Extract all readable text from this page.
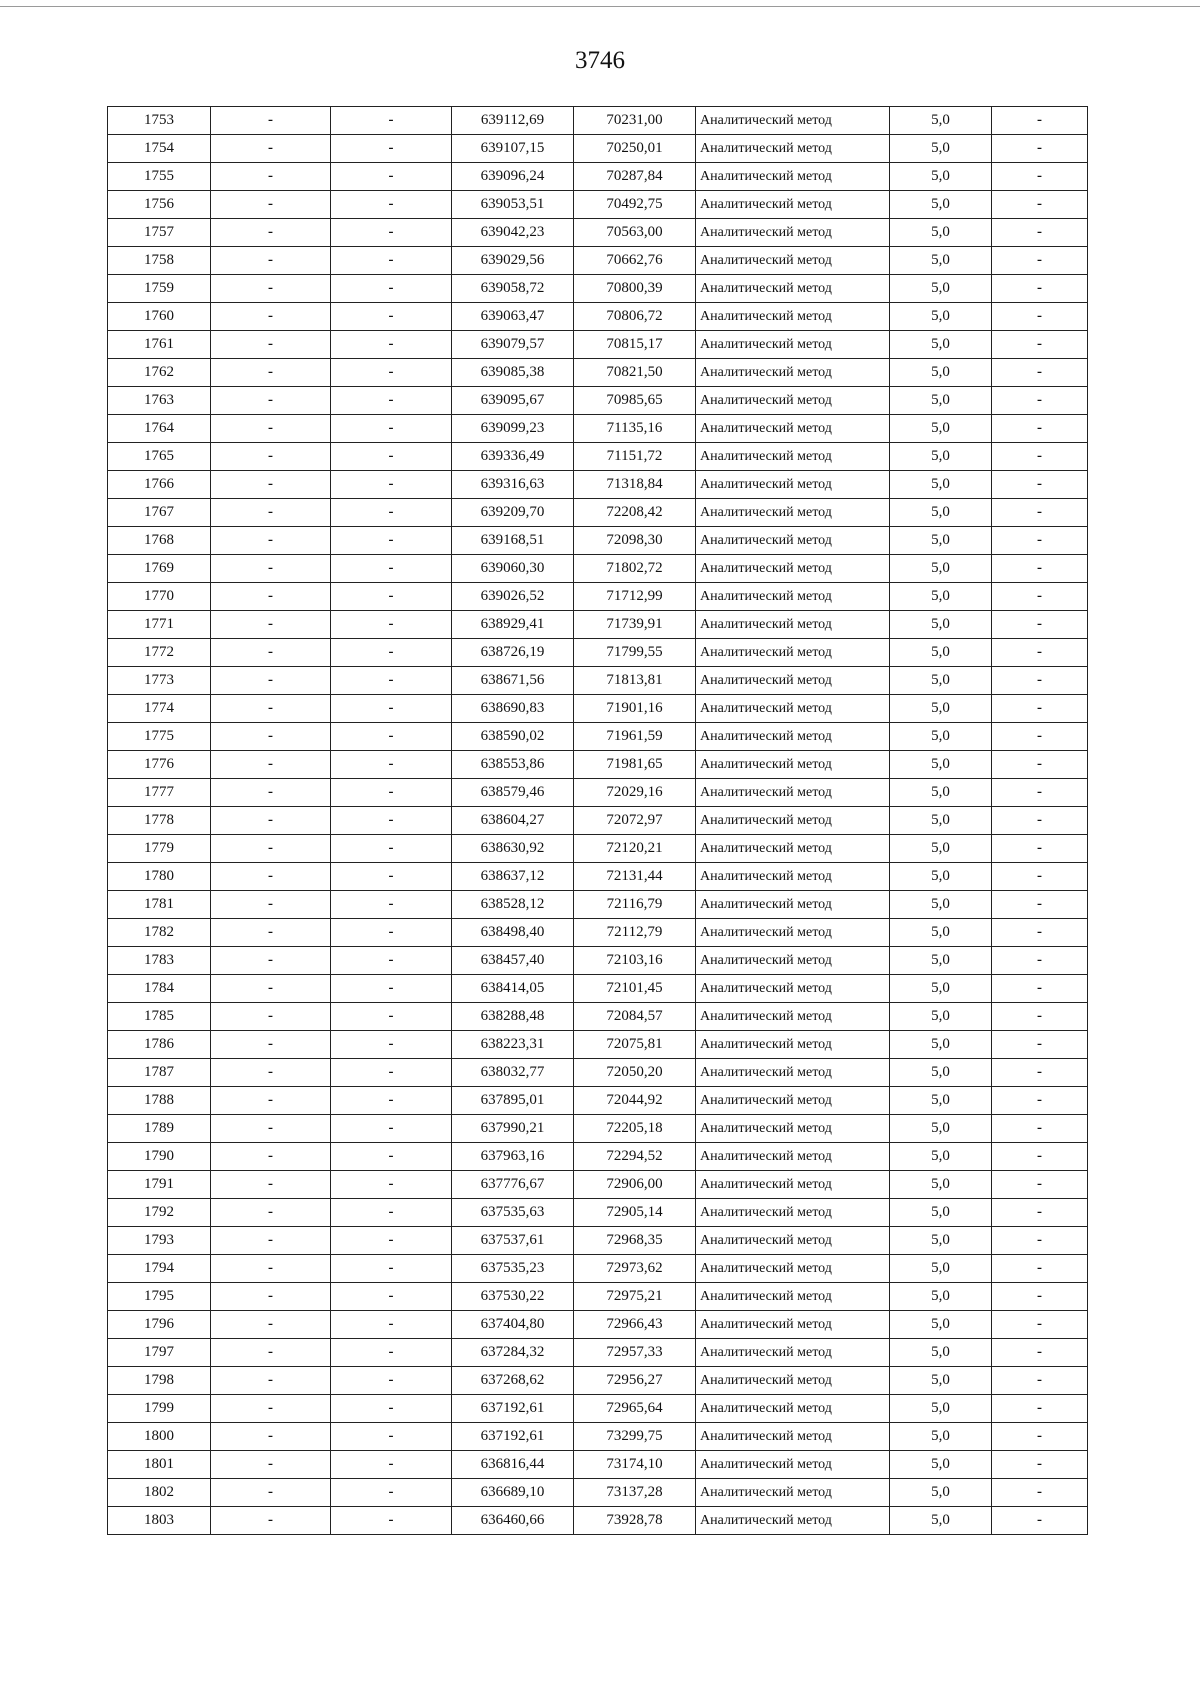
3746
1753	-	-	639112,69	70231,00	Аналитический метод	5,0	-
1754	-	-	639107,15	70250,01	Аналитический метод	5,0	-
1755	-	-	639096,24	70287,84	Аналитический метод	5,0	-
1756	-	-	639053,51	70492,75	Аналитический метод	5,0	-
1757	-	-	639042,23	70563,00	Аналитический метод	5,0	-
1758	-	-	639029,56	70662,76	Аналитический метод	5,0	-
1759	-	-	639058,72	70800,39	Аналитический метод	5,0	-
1760	-	-	639063,47	70806,72	Аналитический метод	5,0	-
1761	-	-	639079,57	70815,17	Аналитический метод	5,0	-
1762	-	-	639085,38	70821,50	Аналитический метод	5,0	-
1763	-	-	639095,67	70985,65	Аналитический метод	5,0	-
1764	-	-	639099,23	71135,16	Аналитический метод	5,0	-
1765	-	-	639336,49	71151,72	Аналитический метод	5,0	-
1766	-	-	639316,63	71318,84	Аналитический метод	5,0	-
1767	-	-	639209,70	72208,42	Аналитический метод	5,0	-
1768	-	-	639168,51	72098,30	Аналитический метод	5,0	-
1769	-	-	639060,30	71802,72	Аналитический метод	5,0	-
1770	-	-	639026,52	71712,99	Аналитический метод	5,0	-
1771	-	-	638929,41	71739,91	Аналитический метод	5,0	-
1772	-	-	638726,19	71799,55	Аналитический метод	5,0	-
1773	-	-	638671,56	71813,81	Аналитический метод	5,0	-
1774	-	-	638690,83	71901,16	Аналитический метод	5,0	-
1775	-	-	638590,02	71961,59	Аналитический метод	5,0	-
1776	-	-	638553,86	71981,65	Аналитический метод	5,0	-
1777	-	-	638579,46	72029,16	Аналитический метод	5,0	-
1778	-	-	638604,27	72072,97	Аналитический метод	5,0	-
1779	-	-	638630,92	72120,21	Аналитический метод	5,0	-
1780	-	-	638637,12	72131,44	Аналитический метод	5,0	-
1781	-	-	638528,12	72116,79	Аналитический метод	5,0	-
1782	-	-	638498,40	72112,79	Аналитический метод	5,0	-
1783	-	-	638457,40	72103,16	Аналитический метод	5,0	-
1784	-	-	638414,05	72101,45	Аналитический метод	5,0	-
1785	-	-	638288,48	72084,57	Аналитический метод	5,0	-
1786	-	-	638223,31	72075,81	Аналитический метод	5,0	-
1787	-	-	638032,77	72050,20	Аналитический метод	5,0	-
1788	-	-	637895,01	72044,92	Аналитический метод	5,0	-
1789	-	-	637990,21	72205,18	Аналитический метод	5,0	-
1790	-	-	637963,16	72294,52	Аналитический метод	5,0	-
1791	-	-	637776,67	72906,00	Аналитический метод	5,0	-
1792	-	-	637535,63	72905,14	Аналитический метод	5,0	-
1793	-	-	637537,61	72968,35	Аналитический метод	5,0	-
1794	-	-	637535,23	72973,62	Аналитический метод	5,0	-
1795	-	-	637530,22	72975,21	Аналитический метод	5,0	-
1796	-	-	637404,80	72966,43	Аналитический метод	5,0	-
1797	-	-	637284,32	72957,33	Аналитический метод	5,0	-
1798	-	-	637268,62	72956,27	Аналитический метод	5,0	-
1799	-	-	637192,61	72965,64	Аналитический метод	5,0	-
1800	-	-	637192,61	73299,75	Аналитический метод	5,0	-
1801	-	-	636816,44	73174,10	Аналитический метод	5,0	-
1802	-	-	636689,10	73137,28	Аналитический метод	5,0	-
1803	-	-	636460,66	73928,78	Аналитический метод	5,0	-
